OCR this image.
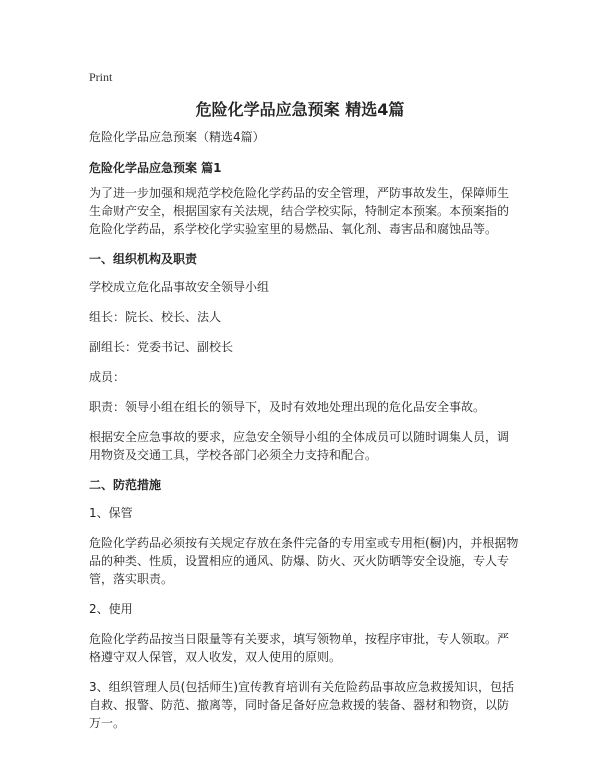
Print
危险化学品应急预案 精选4篇

危险化学品应急预案（精选4篇）

危险化学品应急预案 篇1

为了进一步加强和规范学校危险化学药品的安全管理，严防事故发生，保障师生生命财产安全，根据国家有关法规，结合学校实际，特制定本预案。本预案指的危险化学药品，系学校化学实验室里的易燃品、氧化剂、毒害品和腐蚀品等。

一、组织机构及职责

学校成立危化品事故安全领导小组

组长：院长、校长、法人

副组长：党委书记、副校长

成员：

职责：领导小组在组长的领导下，及时有效地处理出现的危化品安全事故。

根据安全应急事故的要求，应急安全领导小组的全体成员可以随时调集人员，调用物资及交通工具，学校各部门必须全力支持和配合。

二、防范措施

1、保管

危险化学药品必须按有关规定存放在条件完备的专用室或专用柜(橱)内，并根据物品的种类、性质，设置相应的通风、防爆、防火、灭火防晒等安全设施，专人专管，落实职责。

2、使用

危险化学药品按当日限量等有关要求，填写领物单，按程序审批，专人领取。严格遵守双人保管，双人收发，双人使用的原则。

3、组织管理人员(包括师生)宣传教育培训有关危险药品事故应急救援知识，包括自救、报警、防范、撤离等，同时备足备好应急救援的装备、器材和物资，以防万一。
